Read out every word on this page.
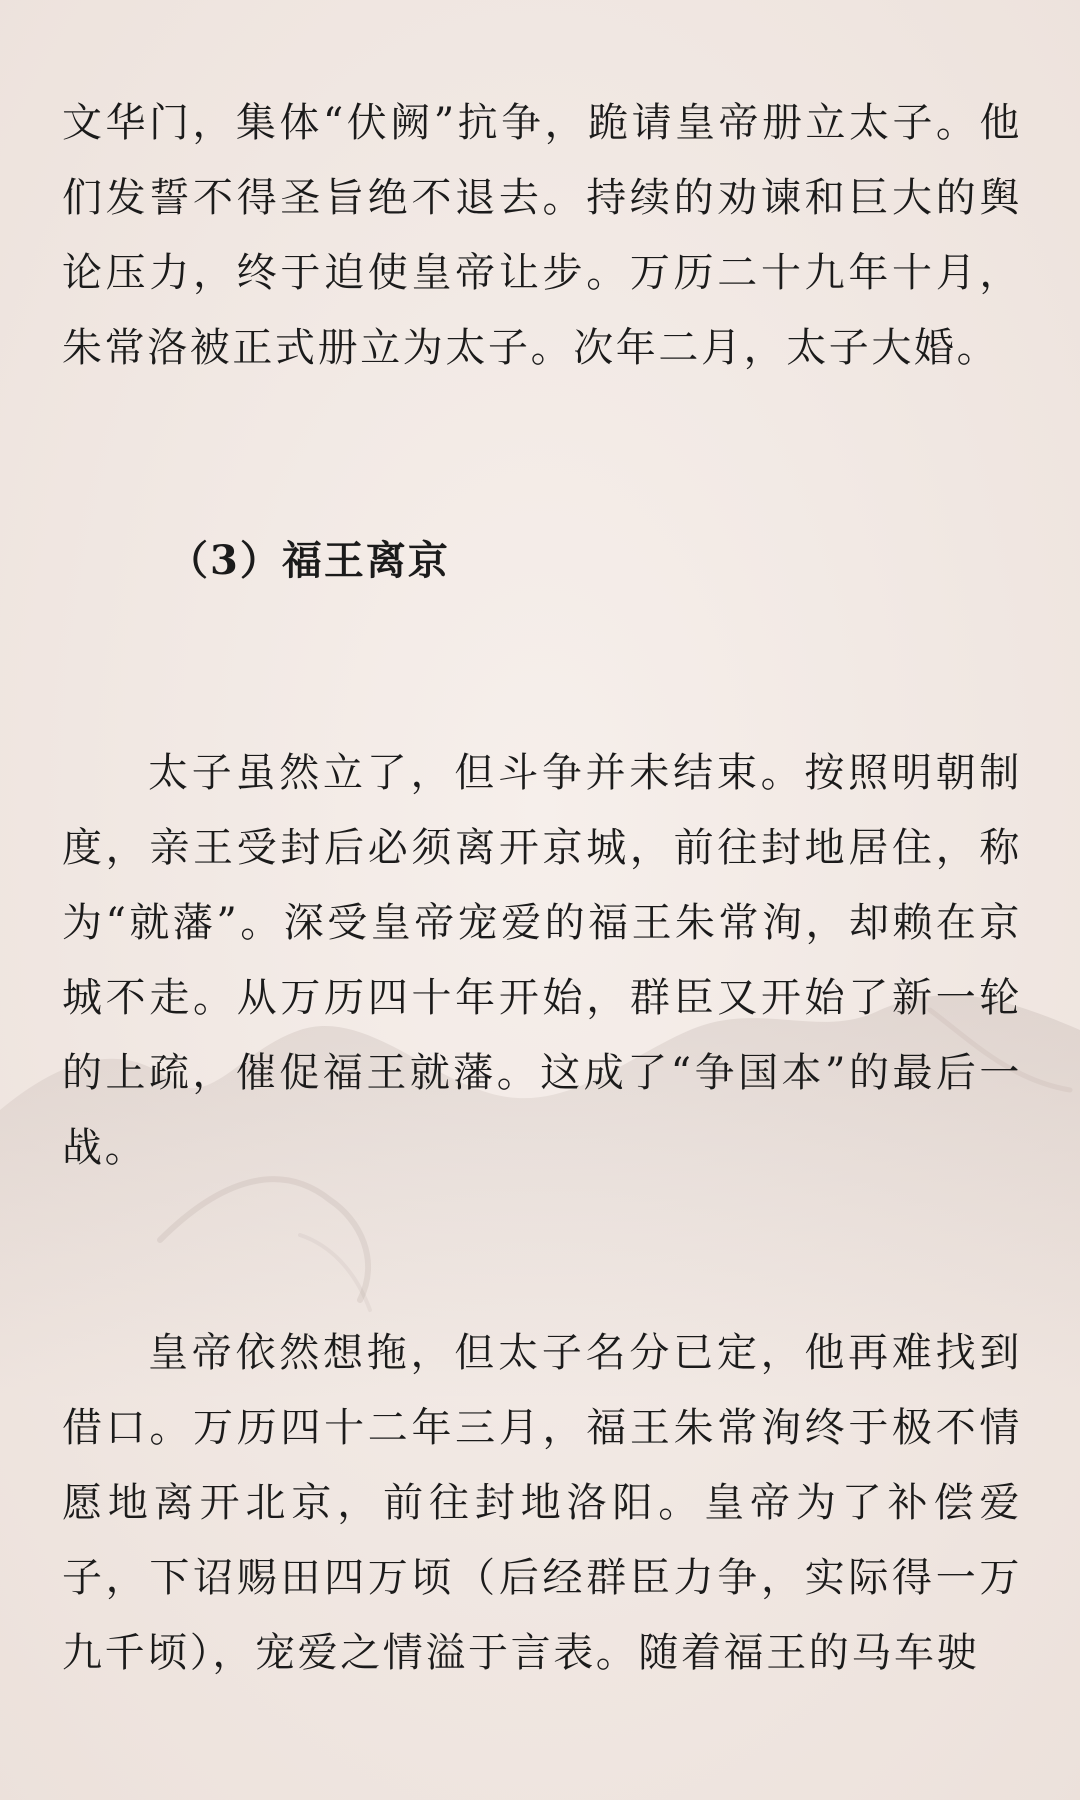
文华门，集体“伏阙”抗争，跪请皇帝册立太子。他们发誓不得圣旨绝不退去。持续的劝谏和巨大的舆论压力，终于迫使皇帝让步。万历二十九年十月，朱常洛被正式册立为太子。次年二月，太子大婚。

（3）福王离京

太子虽然立了，但斗争并未结束。按照明朝制度，亲王受封后必须离开京城，前往封地居住，称为“就藩”。深受皇帝宠爱的福王朱常洵，却赖在京城不走。从万历四十年开始，群臣又开始了新一轮的上疏，催促福王就藩。这成了“争国本”的最后一战。

皇帝依然想拖，但太子名分已定，他再难找到借口。万历四十二年三月，福王朱常洵终于极不情愿地离开北京，前往封地洛阳。皇帝为了补偿爱子，下诏赐田四万顷（后经群臣力争，实际得一万九千顷），宠爱之情溢于言表。随着福王的马车驶
